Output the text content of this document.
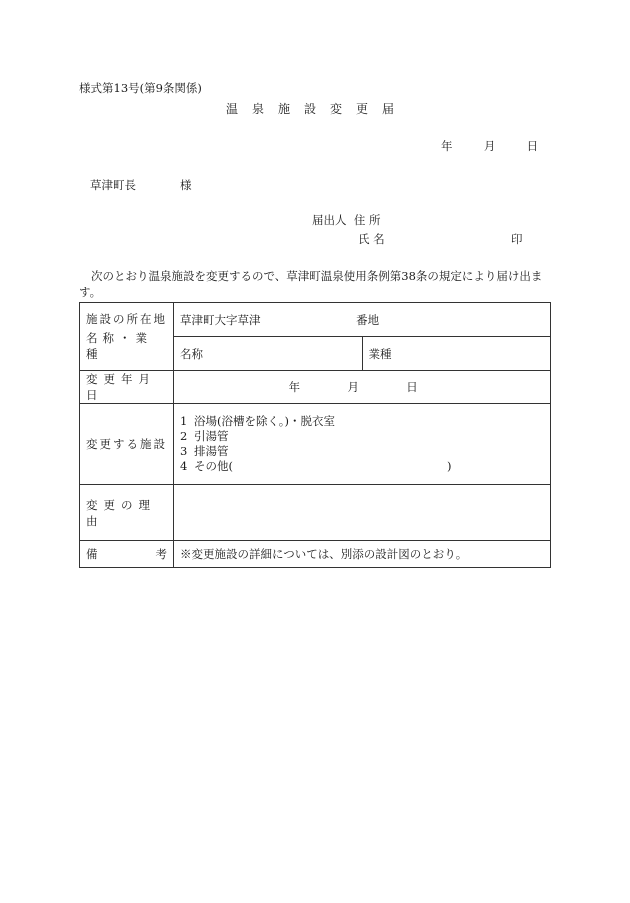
様式第13号(第9条関係)
温泉施設変更届
年	月	日
草津町長	様
届出人 住 所
氏 名	印
次のとおり温泉施設を変更するので、草津町温泉使用条例第38条の規定により届け出ます。
施設の所在地
名称・業種	草津町大字草津 番地	
	名称	業種
変更年月日	年 月 日	
変更する施設	1 浴場(浴槽を除く。)・脱衣室
2 引湯管
3 排湯管
4 その他( )	

変更の理由		

備 考	※変更施設の詳細については、別添の設計図のとおり。	
